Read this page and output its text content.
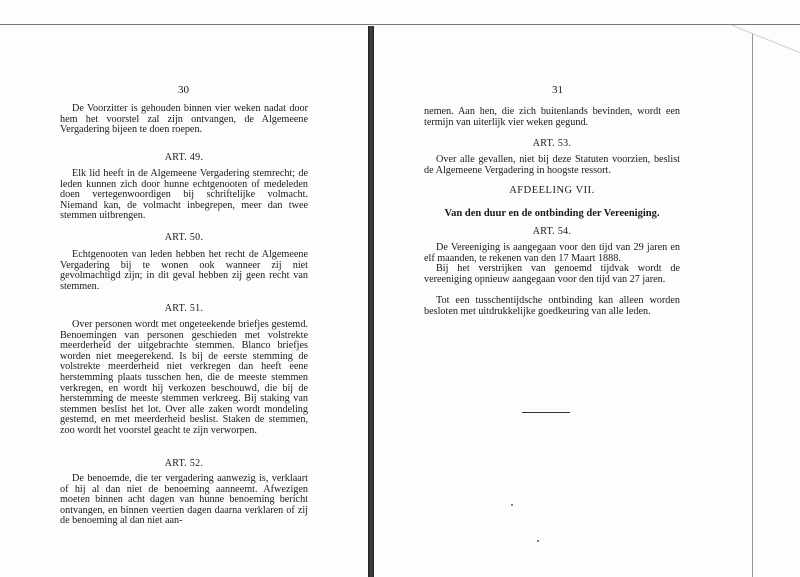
30

De Voorzitter is gehouden binnen vier weken nadat door hem het voorstel zal zijn ontvangen, de Algemeene Vergadering bijeen te doen roepen.

ART. 49.

Elk lid heeft in de Algemeene Vergadering stemrecht; de leden kunnen zich door hunne echtgenooten of medeleden doen vertegenwoordigen bij schriftelijke volmacht. Niemand kan, de volmacht inbegrepen, meer dan twee stemmen uitbrengen.

ART. 50.

Echtgenooten van leden hebben het recht de Algemeene Vergadering bij te wonen ook wanneer zij niet gevolmachtigd zijn; in dit geval hebben zij geen recht van stemmen.

ART. 51.

Over personen wordt met ongeteekende briefjes gestemd. Benoemingen van personen geschieden met volstrekte meerderheid der uitgebrachte stemmen. Blanco briefjes worden niet meegerekend. Is bij de eerste stemming de volstrekte meerderheid niet verkregen dan heeft eene herstemming plaats tusschen hen, die de meeste stemmen verkregen, en wordt hij verkozen beschouwd, die bij de herstemming de meeste stemmen verkreeg. Bij staking van stemmen beslist het lot. Over alle zaken wordt mondeling gestemd, en met meerderheid beslist. Staken de stemmen, zoo wordt het voorstel geacht te zijn verworpen.

ART. 52.

De benoemde, die ter vergadering aanwezig is, verklaart of hij al dan niet de benoeming aanneemt. Afwezigen moeten binnen acht dagen van hunne benoeming bericht ontvangen, en binnen veertien dagen daarna verklaren of zij de benoeming al dan niet aan-

31

nemen. Aan hen, die zich buitenlands bevinden, wordt een termijn van uiterlijk vier weken gegund.

ART. 53.

Over alle gevallen, niet bij deze Statuten voorzien, beslist de Algemeene Vergadering in hoogste ressort.

AFDEELING VII.

Van den duur en de ontbinding der Vereeniging.

ART. 54.

De Vereeniging is aangegaan voor den tijd van 29 jaren en elf maanden, te rekenen van den 17 Maart 1888.

Bij het verstrijken van genoemd tijdvak wordt de vereeniging opnieuw aangegaan voor den tijd van 27 jaren.

Tot een tusschentijdsche ontbinding kan alleen worden besloten met uitdrukkelijke goedkeuring van alle leden.
